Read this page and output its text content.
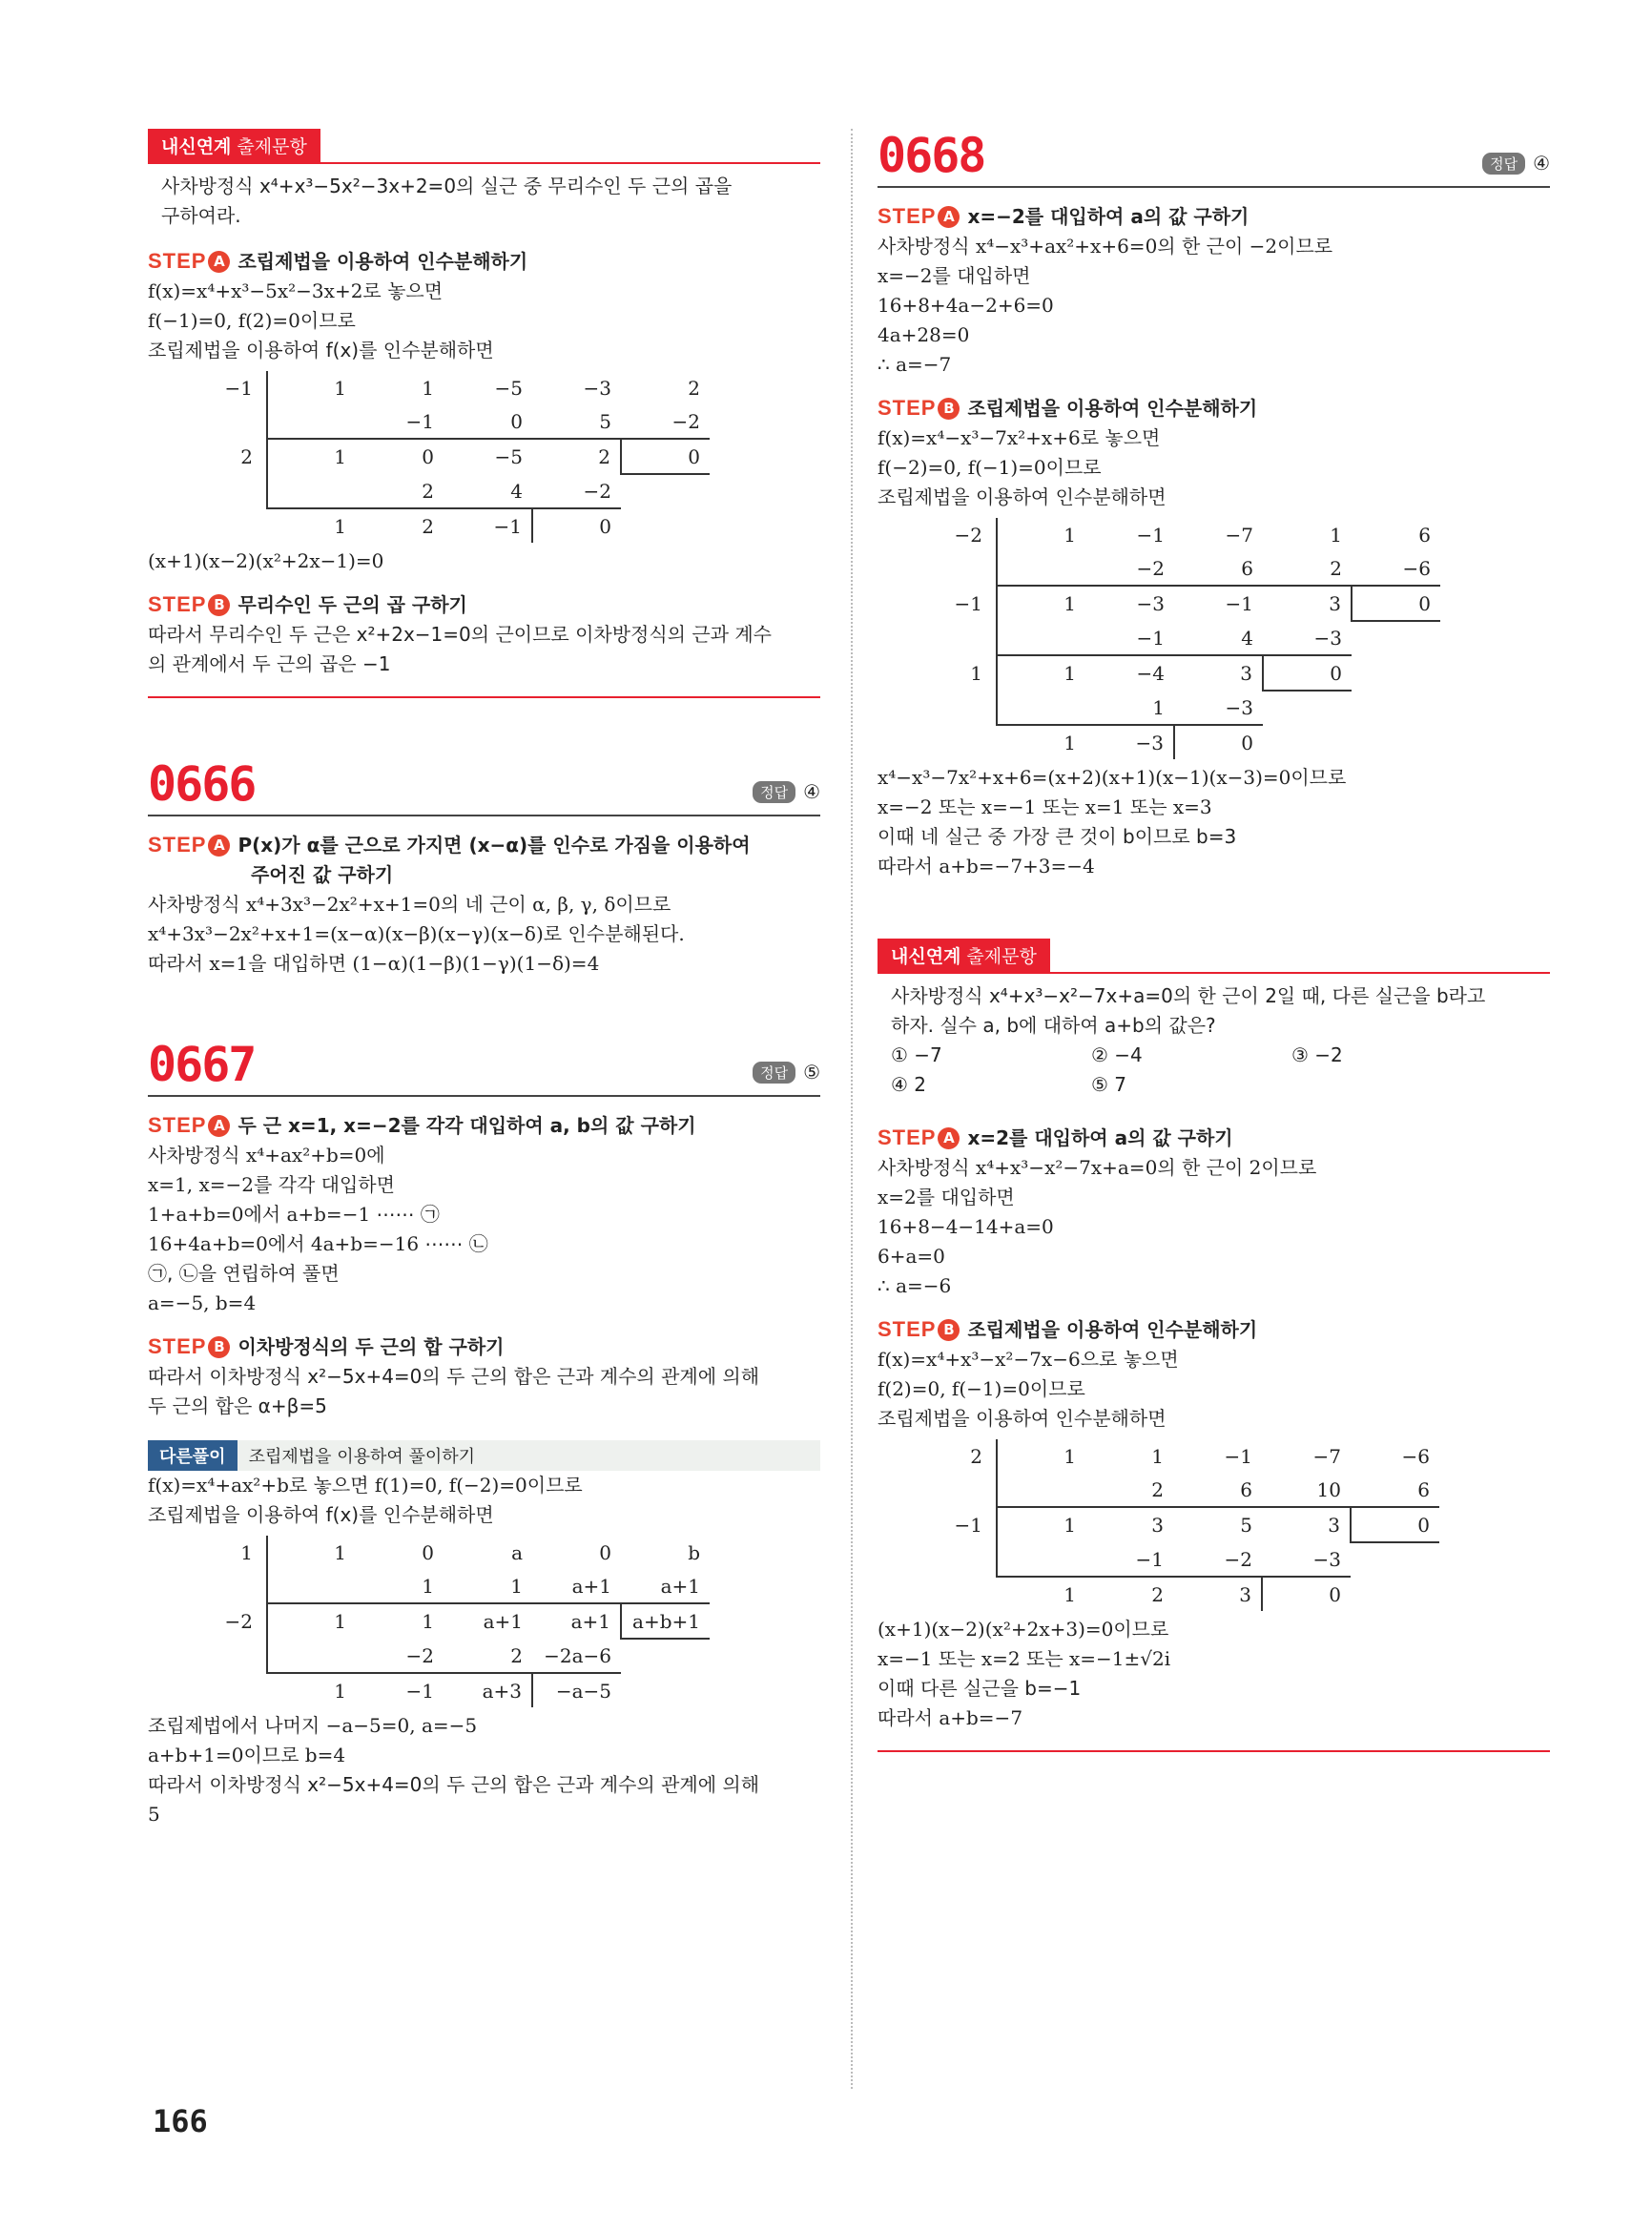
내신연계 출제문항
사차방정식 x⁴+x³−5x²−3x+2=0의 실근 중 무리수인 두 근의 곱을
구하여라.
STEP A 조립제법을 이용하여 인수분해하기
f(x)=x⁴+x³−5x²−3x+2로 놓으면
f(−1)=0, f(2)=0이므로
조립제법을 이용하여 f(x)를 인수분해하면
−1	1	1	−5	−3	2
		−1	0	5	−2
2	1	0	−5	2	0
		2	4	−2	
	1	2	−1	0	
(x+1)(x−2)(x²+2x−1)=0
STEP B 무리수인 두 근의 곱 구하기
따라서 무리수인 두 근은 x²+2x−1=0의 근이므로 이차방정식의 근과 계수
의 관계에서 두 근의 곱은 −1
0666	정답 ④
STEP A P(x)가 α를 근으로 가지면 (x−α)를 인수로 가짐을 이용하여
주어진 값 구하기
사차방정식 x⁴+3x³−2x²+x+1=0의 네 근이 α, β, γ, δ이므로
x⁴+3x³−2x²+x+1=(x−α)(x−β)(x−γ)(x−δ)로 인수분해된다.
따라서 x=1을 대입하면 (1−α)(1−β)(1−γ)(1−δ)=4
0667	정답 ⑤
STEP A 두 근 x=1, x=−2를 각각 대입하여 a, b의 값 구하기
사차방정식 x⁴+ax²+b=0에
x=1, x=−2를 각각 대입하면
1+a+b=0에서 a+b=−1 ⋯⋯ ㉠
16+4a+b=0에서 4a+b=−16 ⋯⋯ ㉡
㉠, ㉡을 연립하여 풀면
a=−5, b=4
STEP B 이차방정식의 두 근의 합 구하기
따라서 이차방정식 x²−5x+4=0의 두 근의 합은 근과 계수의 관계에 의해
두 근의 합은 α+β=5
다른풀이	조립제법을 이용하여 풀이하기
f(x)=x⁴+ax²+b로 놓으면 f(1)=0, f(−2)=0이므로
조립제법을 이용하여 f(x)를 인수분해하면
1	1	0	a	0	b
		1	1	a+1	a+1
−2	1	1	a+1	a+1	a+b+1
		−2	2	−2a−6	
	1	−1	a+3	−a−5	
조립제법에서 나머지 −a−5=0, a=−5
a+b+1=0이므로 b=4
따라서 이차방정식 x²−5x+4=0의 두 근의 합은 근과 계수의 관계에 의해
5
0668	정답 ④
STEP A x=−2를 대입하여 a의 값 구하기
사차방정식 x⁴−x³+ax²+x+6=0의 한 근이 −2이므로
x=−2를 대입하면
16+8+4a−2+6=0
4a+28=0
∴ a=−7
STEP B 조립제법을 이용하여 인수분해하기
f(x)=x⁴−x³−7x²+x+6로 놓으면
f(−2)=0, f(−1)=0이므로
조립제법을 이용하여 인수분해하면
−2	1	−1	−7	1	6
		−2	6	2	−6
−1	1	−3	−1	3	0
		−1	4	−3	
1	1	−4	3	0	
		1	−3		
	1	−3	0		
x⁴−x³−7x²+x+6=(x+2)(x+1)(x−1)(x−3)=0이므로
x=−2 또는 x=−1 또는 x=1 또는 x=3
이때 네 실근 중 가장 큰 것이 b이므로 b=3
따라서 a+b=−7+3=−4
내신연계 출제문항
사차방정식 x⁴+x³−x²−7x+a=0의 한 근이 2일 때, 다른 실근을 b라고
하자. 실수 a, b에 대하여 a+b의 값은?
① −7	② −4	③ −2
④ 2	⑤ 7
STEP A x=2를 대입하여 a의 값 구하기
사차방정식 x⁴+x³−x²−7x+a=0의 한 근이 2이므로
x=2를 대입하면
16+8−4−14+a=0
6+a=0
∴ a=−6
STEP B 조립제법을 이용하여 인수분해하기
f(x)=x⁴+x³−x²−7x−6으로 놓으면
f(2)=0, f(−1)=0이므로
조립제법을 이용하여 인수분해하면
2	1	1	−1	−7	−6
		2	6	10	6
−1	1	3	5	3	0
		−1	−2	−3	
	1	2	3	0	
(x+1)(x−2)(x²+2x+3)=0이므로
x=−1 또는 x=2 또는 x=−1±√2i
이때 다른 실근을 b=−1
따라서 a+b=−7
166
